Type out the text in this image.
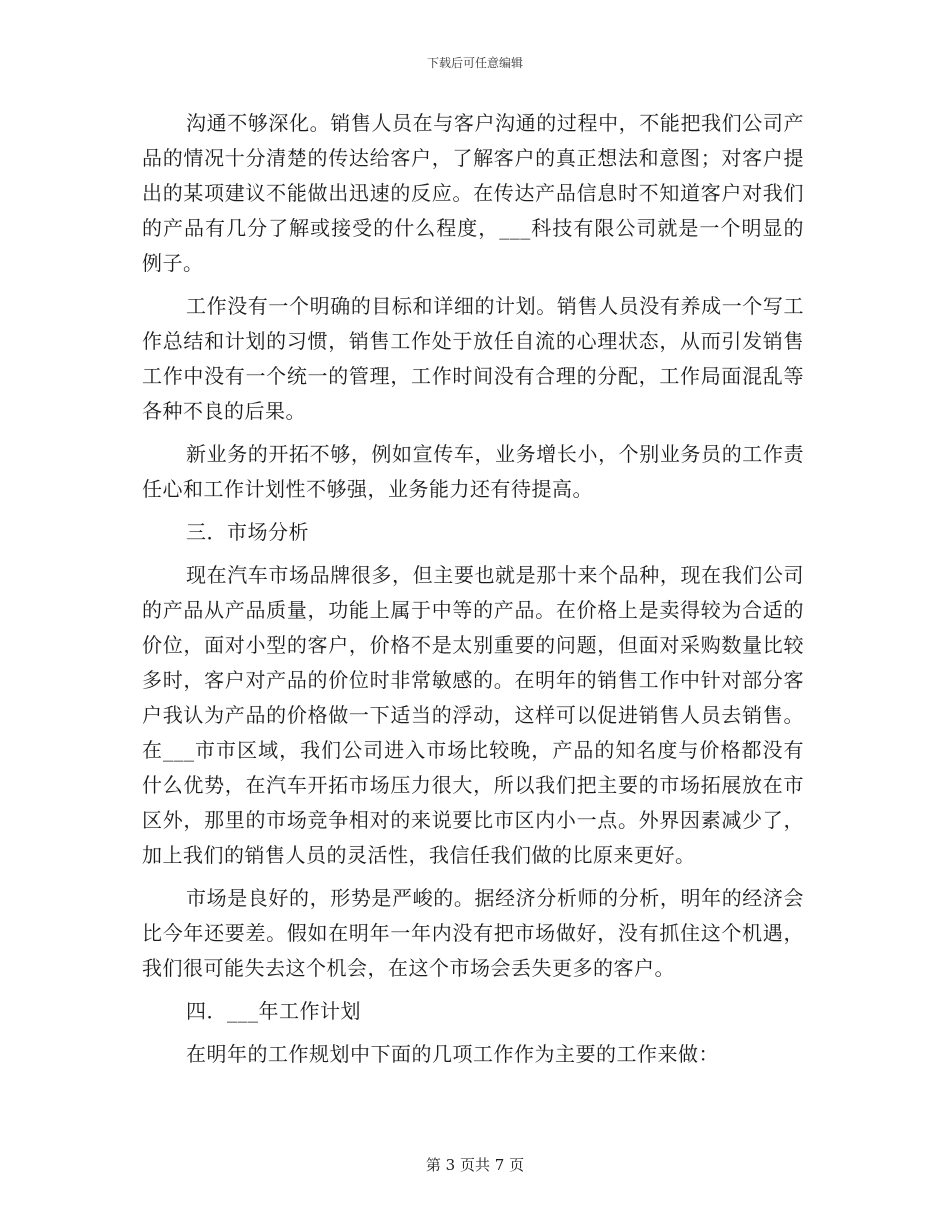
下载后可任意编辑

沟通不够深化。销售人员在与客户沟通的过程中，不能把我们公司产品的情况十分清楚的传达给客户，了解客户的真正想法和意图；对客户提出的某项建议不能做出迅速的反应。在传达产品信息时不知道客户对我们的产品有几分了解或接受的什么程度，___科技有限公司就是一个明显的例子。

工作没有一个明确的目标和详细的计划。销售人员没有养成一个写工作总结和计划的习惯，销售工作处于放任自流的心理状态，从而引发销售工作中没有一个统一的管理，工作时间没有合理的分配，工作局面混乱等各种不良的后果。

新业务的开拓不够，例如宣传车，业务增长小，个别业务员的工作责任心和工作计划性不够强，业务能力还有待提高。

三．市场分析

现在汽车市场品牌很多，但主要也就是那十来个品种，现在我们公司的产品从产品质量，功能上属于中等的产品。在价格上是卖得较为合适的价位，面对小型的客户，价格不是太别重要的问题，但面对采购数量比较多时，客户对产品的价位时非常敏感的。在明年的销售工作中针对部分客户我认为产品的价格做一下适当的浮动，这样可以促进销售人员去销售。在___市市区域，我们公司进入市场比较晚，产品的知名度与价格都没有什么优势，在汽车开拓市场压力很大，所以我们把主要的市场拓展放在市区外，那里的市场竞争相对的来说要比市区内小一点。外界因素减少了，加上我们的销售人员的灵活性，我信任我们做的比原来更好。

市场是良好的，形势是严峻的。据经济分析师的分析，明年的经济会比今年还要差。假如在明年一年内没有把市场做好，没有抓住这个机遇，我们很可能失去这个机会，在这个市场会丢失更多的客户。

四．___年工作计划

在明年的工作规划中下面的几项工作作为主要的工作来做：

第 3 页共 7 页
